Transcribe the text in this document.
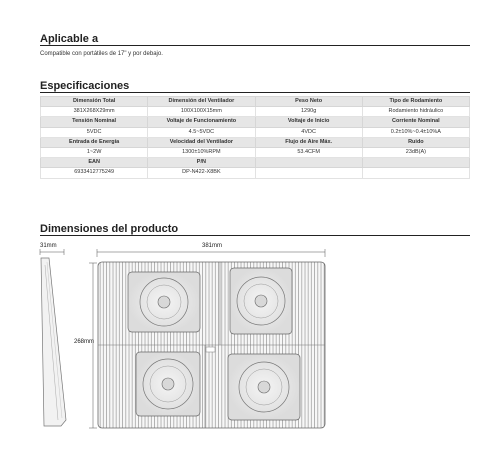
Aplicable a
Compatible con portátiles de 17" y por debajo.
Especificaciones
Dimensión Total	Dimensión del Ventilador	Peso Neto	Tipo de Rodamiento
381X268X29mm	100X100X15mm	1290g	Rodamiento hidráulico
Tensión Nominal	Voltaje de Funcionamiento	Voltaje de Inicio	Corriente Nominal
5VDC	4.5~5VDC	4VDC	0.2±10%~0.4±10%A
Entrada de Energía	Velocidad del Ventilador	Flujo de Aire Máx.	Ruido
1~2W	1300±10%RPM	53.4CFM	23dB(A)
EAN	P/N		
6933412775249	DP-N422-X8BK		
Dimensiones del producto
31mm	381mm
268mm
